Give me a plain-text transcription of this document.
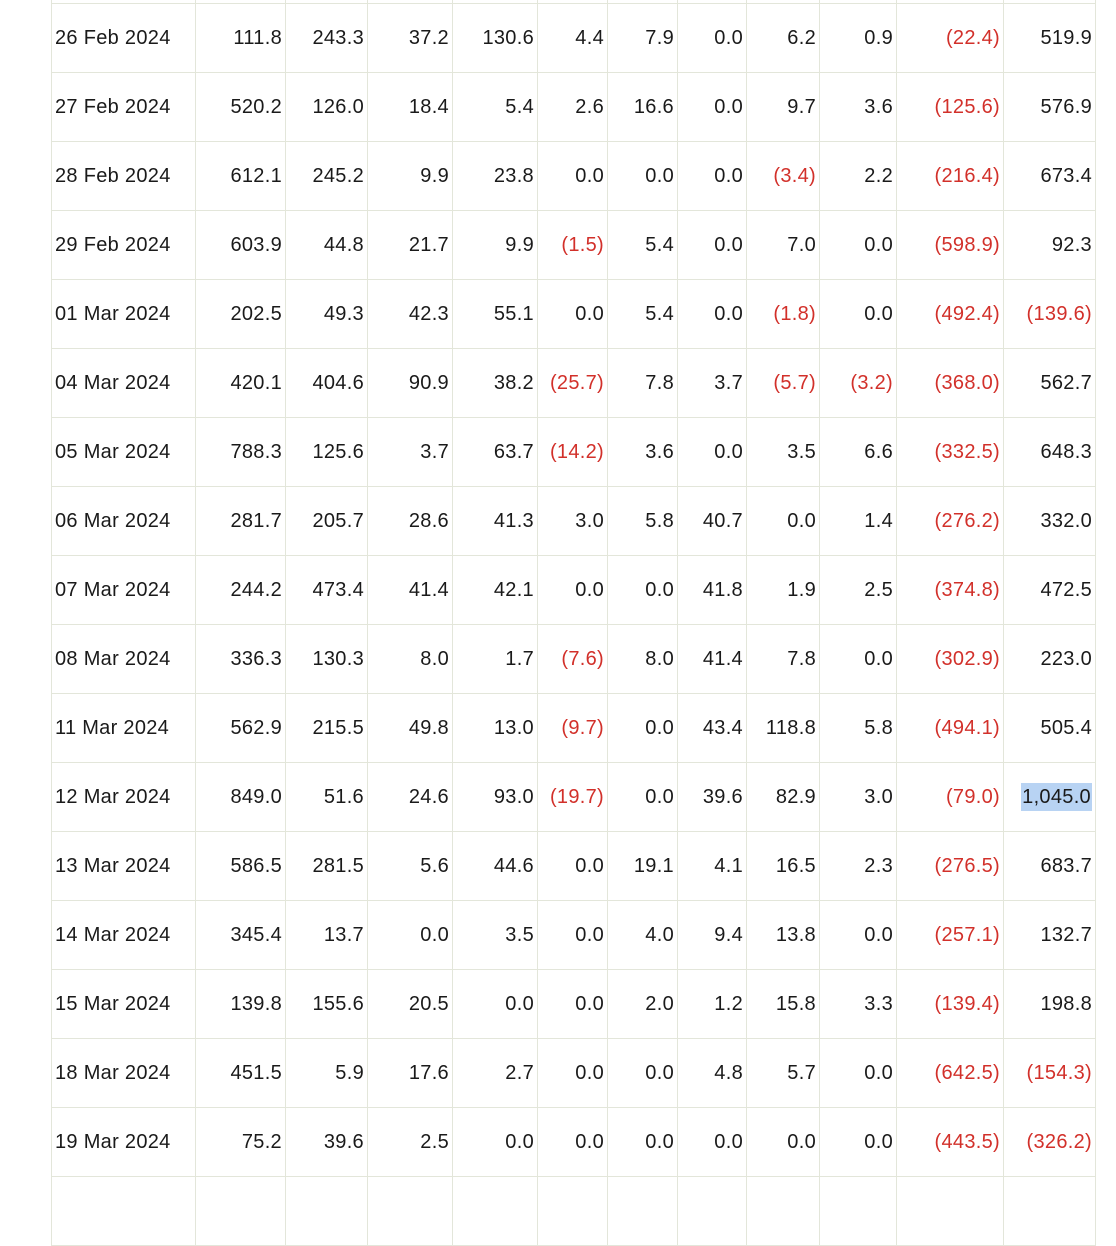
26 Feb 2024	111.8	243.3	37.2	130.6	4.4	7.9	0.0	6.2	0.9	(22.4)	519.9
27 Feb 2024	520.2	126.0	18.4	5.4	2.6	16.6	0.0	9.7	3.6	(125.6)	576.9
28 Feb 2024	612.1	245.2	9.9	23.8	0.0	0.0	0.0	(3.4)	2.2	(216.4)	673.4
29 Feb 2024	603.9	44.8	21.7	9.9	(1.5)	5.4	0.0	7.0	0.0	(598.9)	92.3
01 Mar 2024	202.5	49.3	42.3	55.1	0.0	5.4	0.0	(1.8)	0.0	(492.4)	(139.6)
04 Mar 2024	420.1	404.6	90.9	38.2	(25.7)	7.8	3.7	(5.7)	(3.2)	(368.0)	562.7
05 Mar 2024	788.3	125.6	3.7	63.7	(14.2)	3.6	0.0	3.5	6.6	(332.5)	648.3
06 Mar 2024	281.7	205.7	28.6	41.3	3.0	5.8	40.7	0.0	1.4	(276.2)	332.0
07 Mar 2024	244.2	473.4	41.4	42.1	0.0	0.0	41.8	1.9	2.5	(374.8)	472.5
08 Mar 2024	336.3	130.3	8.0	1.7	(7.6)	8.0	41.4	7.8	0.0	(302.9)	223.0
11 Mar 2024	562.9	215.5	49.8	13.0	(9.7)	0.0	43.4	118.8	5.8	(494.1)	505.4
12 Mar 2024	849.0	51.6	24.6	93.0	(19.7)	0.0	39.6	82.9	3.0	(79.0)	1,045.0
13 Mar 2024	586.5	281.5	5.6	44.6	0.0	19.1	4.1	16.5	2.3	(276.5)	683.7
14 Mar 2024	345.4	13.7	0.0	3.5	0.0	4.0	9.4	13.8	0.0	(257.1)	132.7
15 Mar 2024	139.8	155.6	20.5	0.0	0.0	2.0	1.2	15.8	3.3	(139.4)	198.8
18 Mar 2024	451.5	5.9	17.6	2.7	0.0	0.0	4.8	5.7	0.0	(642.5)	(154.3)
19 Mar 2024	75.2	39.6	2.5	0.0	0.0	0.0	0.0	0.0	0.0	(443.5)	(326.2)
